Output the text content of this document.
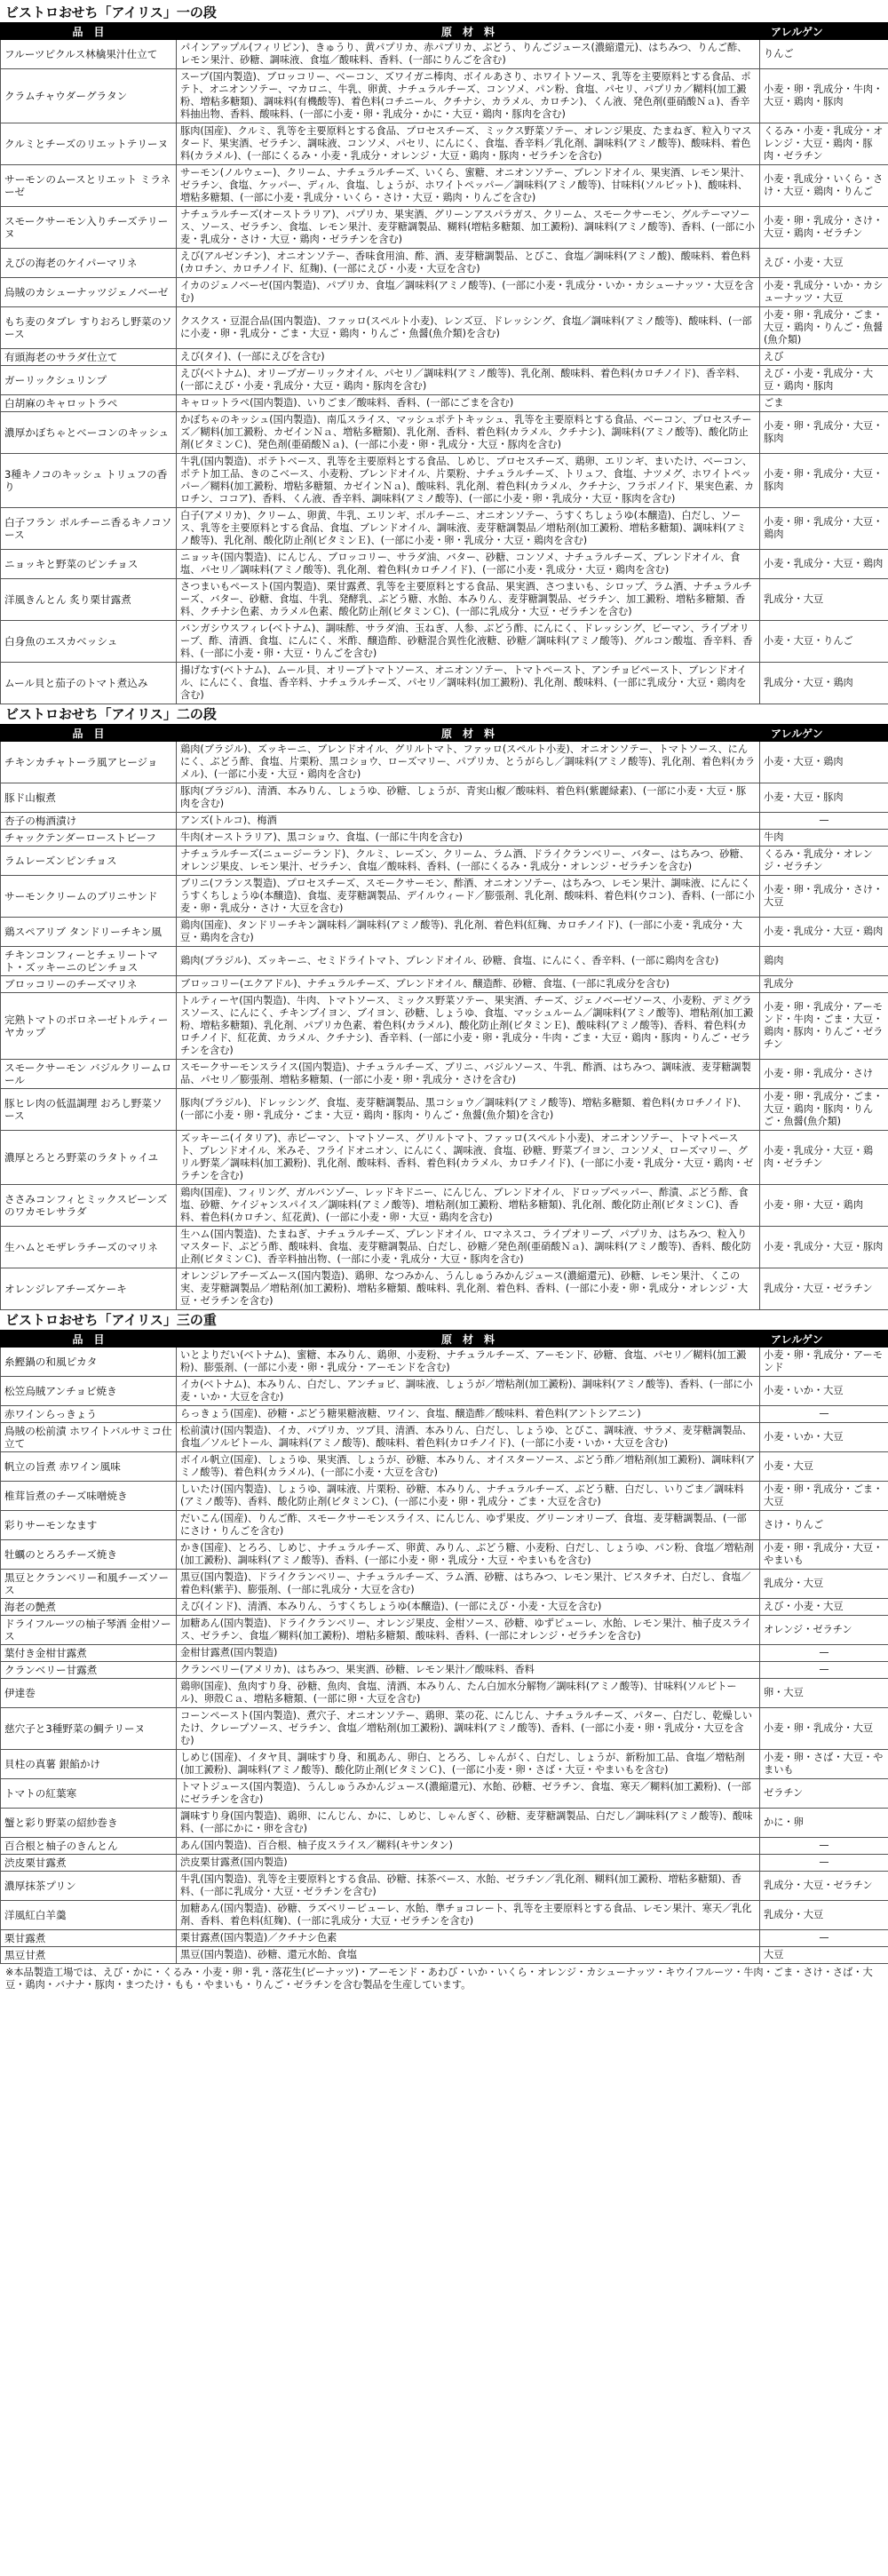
ビストロおせち「アイリス」一の段
品　目	原　材　料	アレルゲン
フルーツピクルス林檎果汁仕立て	パインアップル(フィリピン)、きゅうり、黄パプリカ、赤パプリカ、ぶどう、りんごジュース(濃縮還元)、はちみつ、りんご酢、レモン果汁、砂糖、調味液、食塩／酸味料、香料、(一部にりんごを含む)	りんご
クラムチャウダーグラタン	スープ(国内製造)、ブロッコリー、ベーコン、ズワイガニ棒肉、ボイルあさり、ホワイトソース、乳等を主要原料とする食品、ポテト、オニオンソテー、マカロニ、牛乳、卵黄、ナチュラルチーズ、コンソメ、パン粉、食塩、パセリ、パプリカ／糊料(加工澱粉、増粘多糖類)、調味料(有機酸等)、着色料(コチニール、クチナシ、カラメル、カロチン)、くん液、発色剤(亜硝酸Ｎａ)、香辛料抽出物、香料、酸味料、(一部に小麦・卵・乳成分・かに・大豆・鶏肉・豚肉を含む)	小麦・卵・乳成分・牛肉・大豆・鶏肉・豚肉
クルミとチーズのリエットテリーヌ	豚肉(国産)、クルミ、乳等を主要原料とする食品、プロセスチーズ、ミックス野菜ソテー、オレンジ果皮、たまねぎ、粒入りマスタード、果実酒、ゼラチン、調味液、コンソメ、パセリ、にんにく、食塩、香辛料／乳化剤、調味料(アミノ酸等)、酸味料、着色料(カラメル)、(一部にくるみ・小麦・乳成分・オレンジ・大豆・鶏肉・豚肉・ゼラチンを含む)	くるみ・小麦・乳成分・オレンジ・大豆・鶏肉・豚肉・ゼラチン
サーモンのムースとリエット ミラネーゼ	サーモン(ノルウェー)、クリーム、ナチュラルチーズ、いくら、蜜糖、オニオンソテー、ブレンドオイル、果実酒、レモン果汁、ゼラチン、食塩、ケッパー、ディル、食塩、しょうが、ホワイトペッパー／調味料(アミノ酸等)、甘味料(ソルビット)、酸味料、増粘多糖類、(一部に小麦・乳成分・いくら・さけ・大豆・鶏肉・りんごを含む)	小麦・乳成分・いくら・さけ・大豆・鶏肉・りんご
スモークサーモン入りチーズテリーヌ	ナチュラルチーズ(オーストラリア)、パプリカ、果実酒、グリーンアスパラガス、クリーム、スモークサーモン、グルテーマソース、ソース、ゼラチン、食塩、レモン果汁、麦芽糖調製品、糊料(増粘多糖類、加工澱粉)、調味料(アミノ酸等)、香料、(一部に小麦・乳成分・さけ・大豆・鶏肉・ゼラチンを含む)	小麦・卵・乳成分・さけ・大豆・鶏肉・ゼラチン
えびの海老のケイパーマリネ	えび(アルゼンチン)、オニオンソテー、香味食用油、酢、酒、麦芽糖調製品、とびこ、食塩／調味料(アミノ酸)、酸味料、着色料(カロチン、カロチノイド、紅麹)、(一部にえび・小麦・大豆を含む)	えび・小麦・大豆
烏賊のカシューナッツジェノベーゼ	イカのジェノベーゼ(国内製造)、パプリカ、食塩／調味料(アミノ酸等)、(一部に小麦・乳成分・いか・カシューナッツ・大豆を含む)	小麦・乳成分・いか・カシューナッツ・大豆
もち麦のタブレ すりおろし野菜のソース	クスクス・豆混合品(国内製造)、ファッロ(スペルト小麦)、レンズ豆、ドレッシング、食塩／調味料(アミノ酸等)、酸味料、(一部に小麦・卵・乳成分・ごま・大豆・鶏肉・りんご・魚醤(魚介類)を含む)	小麦・卵・乳成分・ごま・大豆・鶏肉・りんご・魚醤(魚介類)
有頭海老のサラダ仕立て	えび(タイ)、(一部にえびを含む)	えび
ガーリックシュリンプ	えび(ベトナム)、オリーブガーリックオイル、パセリ／調味料(アミノ酸等)、乳化剤、酸味料、着色料(カロチノイド)、香辛料、(一部にえび・小麦・乳成分・大豆・鶏肉・豚肉を含む)	えび・小麦・乳成分・大豆・鶏肉・豚肉
白胡麻のキャロットラペ	キャロットラペ(国内製造)、いりごま／酸味料、香料、(一部にごまを含む)	ごま
濃厚かぼちゃとベーコンのキッシュ	かぼちゃのキッシュ(国内製造)、南瓜スライス、マッシュポテトキッシュ、乳等を主要原料とする食品、ベーコン、プロセスチーズ／糊料(加工澱粉、カゼインＮａ、増粘多糖類)、乳化剤、香料、着色料(カラメル、クチナシ)、調味料(アミノ酸等)、酸化防止剤(ビタミンＣ)、発色剤(亜硝酸Ｎａ)、(一部に小麦・卵・乳成分・大豆・豚肉を含む)	小麦・卵・乳成分・大豆・豚肉
3種キノコのキッシュ トリュフの香り	牛乳(国内製造)、ポテトベース、乳等を主要原料とする食品、しめじ、プロセスチーズ、鶏卵、エリンギ、まいたけ、ベーコン、ポテト加工品、きのこベース、小麦粉、ブレンドオイル、片栗粉、ナチュラルチーズ、トリュフ、食塩、ナツメグ、ホワイトペッパー／糊料(加工澱粉、増粘多糖類、カゼインＮａ)、酸味料、乳化剤、着色料(カラメル、クチナシ、フラボノイド、果実色素、カロチン、ココア)、香料、くん液、香辛料、調味料(アミノ酸等)、(一部に小麦・卵・乳成分・大豆・豚肉を含む)	小麦・卵・乳成分・大豆・豚肉
白子フラン ポルチーニ香るキノコソース	白子(アメリカ)、クリーム、卵黄、牛乳、エリンギ、ポルチーニ、オニオンソテー、うすくちしょうゆ(本醸造)、白だし、ソース、乳等を主要原料とする食品、食塩、ブレンドオイル、調味液、麦芽糖調製品／増粘剤(加工澱粉、増粘多糖類)、調味料(アミノ酸等)、乳化剤、酸化防止剤(ビタミンＥ)、(一部に小麦・卵・乳成分・大豆・鶏肉を含む)	小麦・卵・乳成分・大豆・鶏肉
ニョッキと野菜のピンチョス	ニョッキ(国内製造)、にんじん、ブロッコリー、サラダ油、バター、砂糖、コンソメ、ナチュラルチーズ、ブレンドオイル、食塩、パセリ／調味料(アミノ酸等)、乳化剤、着色料(カロチノイド)、(一部に小麦・乳成分・大豆・鶏肉を含む)	小麦・乳成分・大豆・鶏肉
洋風きんとん 炙り栗甘露煮	さつまいもペースト(国内製造)、栗甘露煮、乳等を主要原料とする食品、果実酒、さつまいも、シロップ、ラム酒、ナチュラルチーズ、バター、砂糖、食塩、牛乳、発酵乳、ぶどう糖、水飴、本みりん、麦芽糖調製品、ゼラチン、加工澱粉、増粘多糖類、香料、クチナシ色素、カラメル色素、酸化防止剤(ビタミンＣ)、(一部に乳成分・大豆・ゼラチンを含む)	乳成分・大豆
白身魚のエスカベッシュ	バンガシウスフィレ(ベトナム)、調味酢、サラダ油、玉ねぎ、人参、ぶどう酢、にんにく、ドレッシング、ピーマン、ライプオリーブ、酢、清酒、食塩、にんにく、米酢、醸造酢、砂糖混合異性化液糖、砂糖／調味料(アミノ酸等)、グルコン酸塩、香辛料、香料、(一部に小麦・卵・大豆・りんごを含む)	小麦・大豆・りんご
ムール貝と茄子のトマト煮込み	揚げなす(ベトナム)、ムール貝、オリーブトマトソース、オニオンソテー、トマトペースト、アンチョビペースト、ブレンドオイル、にんにく、食塩、香辛料、ナチュラルチーズ、パセリ／調味料(加工澱粉)、乳化剤、酸味料、(一部に乳成分・大豆・鶏肉を含む)	乳成分・大豆・鶏肉
ビストロおせち「アイリス」二の段
品　目	原　材　料	アレルゲン
チキンカチャトーラ風アヒージョ	鶏肉(ブラジル)、ズッキーニ、ブレンドオイル、グリルトマト、ファッロ(スペルト小麦)、オニオンソテー、トマトソース、にんにく、ぶどう酢、食塩、片栗粉、黒コショウ、ローズマリー、パプリカ、とうがらし／調味料(アミノ酸等)、乳化剤、着色料(カラメル)、(一部に小麦・大豆・鶏肉を含む)	小麦・大豆・鶏肉
豚ド山椒煮	豚肉(ブラジル)、清酒、本みりん、しょうゆ、砂糖、しょうが、青実山椒／酸味料、着色料(紫麗緑素)、(一部に小麦・大豆・豚肉を含む)	小麦・大豆・豚肉
杏子の梅酒漬け	アンズ(トルコ)、梅酒	—
チャックテンダーローストビーフ	牛肉(オーストラリア)、黒コショウ、食塩、(一部に牛肉を含む)	牛肉
ラムレーズンピンチョス	ナチュラルチーズ(ニュージーランド)、クルミ、レーズン、クリーム、ラム酒、ドライクランベリー、バター、はちみつ、砂糖、オレンジ果皮、レモン果汁、ゼラチン、食塩／酸味料、香料、(一部にくるみ・乳成分・オレンジ・ゼラチンを含む)	くるみ・乳成分・オレンジ・ゼラチン
サーモンクリームのブリニサンド	ブリニ(フランス製造)、プロセスチーズ、スモークサーモン、酢酒、オニオンソテー、はちみつ、レモン果汁、調味液、にんにくうすくちしょうゆ(本醸造)、食塩、麦芽糖調製品、デイルウィード／膨張剤、乳化剤、酸味料、着色料(ウコン)、香料、(一部に小麦・卵・乳成分・さけ・大豆を含む)	小麦・卵・乳成分・さけ・大豆
鶏スペアリブ タンドリーチキン風	鶏肉(国産)、タンドリーチキン調味料／調味料(アミノ酸等)、乳化剤、着色料(紅麹、カロチノイド)、(一部に小麦・乳成分・大豆・鶏肉を含む)	小麦・乳成分・大豆・鶏肉
チキンコンフィーとチェリートマト・ズッキーニのピンチョス	鶏肉(ブラジル)、ズッキーニ、セミドライトマト、ブレンドオイル、砂糖、食塩、にんにく、香辛料、(一部に鶏肉を含む)	鶏肉
ブロッコリーのチーズマリネ	ブロッコリー(エクアドル)、ナチュラルチーズ、ブレンドオイル、醸造酢、砂糖、食塩、(一部に乳成分を含む)	乳成分
完熟トマトのボロネーゼトルティーヤカップ	トルティーヤ(国内製造)、牛肉、トマトソース、ミックス野菜ソテー、果実酒、チーズ、ジェノベーゼソース、小麦粉、デミグラスソース、にんにく、チキンブイヨン、ブイヨン、砂糖、しょうゆ、食塩、マッシュルーム／調味料(アミノ酸等)、増粘剤(加工澱粉、増粘多糖類)、乳化剤、パプリカ色素、着色料(カラメル)、酸化防止剤(ビタミンＥ)、酸味料(アミノ酸等)、香料、着色料(カロチノイド、紅花黄、カラメル、クチナシ)、香辛料、(一部に小麦・卵・乳成分・牛肉・ごま・大豆・鶏肉・豚肉・りんご・ゼラチンを含む)	小麦・卵・乳成分・アーモンド・牛肉・ごま・大豆・鶏肉・豚肉・りんご・ゼラチン
スモークサーモン バジルクリームロール	スモークサーモンスライス(国内製造)、ナチュラルチーズ、ブリニ、バジルソース、牛乳、酢酒、はちみつ、調味液、麦芽糖調製品、パセリ／膨張剤、増粘多糖類、(一部に小麦・卵・乳成分・さけを含む)	小麦・卵・乳成分・さけ
豚ヒレ肉の低温調理 おろし野菜ソース	豚肉(ブラジル)、ドレッシング、食塩、麦芽糖調製品、黒コショウ／調味料(アミノ酸等)、増粘多糖類、着色料(カロチノイド)、(一部に小麦・卵・乳成分・ごま・大豆・鶏肉・豚肉・りんご・魚醤(魚介類)を含む)	小麦・卵・乳成分・ごま・大豆・鶏肉・豚肉・りんご・魚醤(魚介類)
濃厚とろとろ野菜のラタトゥイユ	ズッキーニ(イタリア)、赤ピーマン、トマトソース、グリルトマト、ファッロ(スペルト小麦)、オニオンソテー、トマトペースト、ブレンドオイル、米みそ、フライドオニオン、にんにく、調味液、食塩、砂糖、野菜ブイヨン、コンソメ、ローズマリー、グリル野菜／調味料(加工澱粉)、乳化剤、酸味料、香料、着色料(カラメル、カロチノイド)、(一部に小麦・乳成分・大豆・鶏肉・ゼラチンを含む)	小麦・乳成分・大豆・鶏肉・ゼラチン
ささみコンフィとミックスビーンズのワカモレサラダ	鶏肉(国産)、フィリング、ガルバンゾー、レッドキドニー、にんじん、ブレンドオイル、ドロップペッパー、酢漬、ぶどう酢、食塩、砂糖、ケイジャンスパイス／調味料(アミノ酸等)、増粘剤(加工澱粉、増粘多糖類)、乳化剤、酸化防止剤(ビタミンＣ)、香料、着色料(カロチン、紅花黄)、(一部に小麦・卵・大豆・鶏肉を含む)	小麦・卵・大豆・鶏肉
生ハムとモザレラチーズのマリネ	生ハム(国内製造)、たまねぎ、ナチュラルチーズ、ブレンドオイル、ロマネスコ、ライプオリーブ、パプリカ、はちみつ、粒入りマスタード、ぶどう酢、酸味料、食塩、麦芽糖調製品、白だし、砂糖／発色剤(亜硝酸Ｎａ)、調味料(アミノ酸等)、香料、酸化防止剤(ビタミンＣ)、香辛料抽出物、(一部に小麦・乳成分・大豆・豚肉を含む)	小麦・乳成分・大豆・豚肉
オレンジレアチーズケーキ	オレンジレアチーズムース(国内製造)、鶏卵、なつみかん、うんしゅうみかんジュース(濃縮還元)、砂糖、レモン果汁、くこの実、麦芽糖調製品／増粘剤(加工澱粉)、増粘多糖類、酸味料、乳化剤、着色料、香料、(一部に小麦・卵・乳成分・オレンジ・大豆・ゼラチンを含む)	乳成分・大豆・ゼラチン
ビストロおせち「アイリス」三の重
品　目	原　材　料	アレルゲン
糸鰹鍋の和風ピカタ	いとよりだい(ベトナム)、蜜糖、本みりん、鶏卵、小麦粉、ナチュラルチーズ、アーモンド、砂糖、食塩、パセリ／糊料(加工澱粉)、膨張剤、(一部に小麦・卵・乳成分・アーモンドを含む)	小麦・卵・乳成分・アーモンド
松笠烏賊アンチョビ焼き	イカ(ベトナム)、本みりん、白だし、アンチョビ、調味液、しょうが／増粘剤(加工澱粉)、調味料(アミノ酸等)、香料、(一部に小麦・いか・大豆を含む)	小麦・いか・大豆
赤ワインらっきょう	らっきょう(国産)、砂糖・ぶどう糖果糖液糖、ワイン、食塩、醸造酢／酸味料、着色料(アントシアニン)	—
鳥賊の松前漬 ホワイトバルサミコ仕立て	松前漬け(国内製造)、イカ、パプリカ、ツブ貝、清酒、本みりん、白だし、しょうゆ、とびこ、調味液、サラメ、麦芽糖調製品、食塩／ソルビトール、調味料(アミノ酸等)、酸味料、着色料(カロチノイド)、(一部に小麦・いか・大豆を含む)	小麦・いか・大豆
帆立の旨煮 赤ワイン風味	ボイル帆立(国産)、しょうゆ、果実酒、しょうが、砂糖、本みりん、オイスターソース、ぶどう酢／増粘剤(加工澱粉)、調味料(アミノ酸等)、着色料(カラメル)、(一部に小麦・大豆を含む)	小麦・大豆
椎茸旨煮のチーズ味噌焼き	しいたけ(国内製造)、しょうゆ、調味液、片栗粉、砂糖、本みりん、ナチュラルチーズ、ぶどう糖、白だし、いりごま／調味料(アミノ酸等)、香料、酸化防止剤(ビタミンＣ)、(一部に小麦・卵・乳成分・ごま・大豆を含む)	小麦・卵・乳成分・ごま・大豆
彩りサーモンなます	だいこん(国産)、りんご酢、スモークサーモンスライス、にんじん、ゆず果皮、グリーンオリーブ、食塩、麦芽糖調製品、(一部にさけ・りんごを含む)	さけ・りんご
牡蠣のとろろチーズ焼き	かき(国産)、とろろ、しめじ、ナチュラルチーズ、卵黄、みりん、ぶどう糖、小麦粉、白だし、しょうゆ、パン粉、食塩／増粘剤(加工澱粉)、調味料(アミノ酸等)、香料、(一部に小麦・卵・乳成分・大豆・やまいもを含む)	小麦・卵・乳成分・大豆・やまいも
黒豆とクランベリー和風チーズソース	黒豆(国内製造)、ドライクランベリー、ナチュラルチーズ、ラム酒、砂糖、はちみつ、レモン果汁、ピスタチオ、白だし、食塩／着色料(紫芋)、膨張剤、(一部に乳成分・大豆を含む)	乳成分・大豆
海老の艶煮	えび(インド)、清酒、本みりん、うすくちしょうゆ(本醸造)、(一部にえび・小麦・大豆を含む)	えび・小麦・大豆
ドライフルーツの柚子琴酒 金柑ソース	加糖あん(国内製造)、ドライクランベリー、オレンジ果皮、金柑ソース、砂糖、ゆずピューレ、水飴、レモン果汁、柚子皮スライス、ゼラチン、食塩／糊料(加工澱粉)、増粘多糖類、酸味料、香料、(一部にオレンジ・ゼラチンを含む)	オレンジ・ゼラチン
葉付き金柑甘露煮	金柑甘露煮(国内製造)	—
クランベリー甘露煮	クランベリー(アメリカ)、はちみつ、果実酒、砂糖、レモン果汁／酸味料、香料	—
伊達巻	鶏卵(国産)、魚肉すり身、砂糖、魚肉、食塩、清酒、本みりん、たん白加水分解物／調味料(アミノ酸等)、甘味料(ソルビトール)、卵殻Ｃａ、増粘多糖類、(一部に卵・大豆を含む)	卵・大豆
慈穴子と3種野菜の鯛テリーヌ	コーンペースト(国内製造)、煮穴子、オニオンソテー、鶏卵、菜の花、にんじん、ナチュラルチーズ、パター、白だし、乾燥しいたけ、クレープソース、ゼラチン、食塩／増粘剤(加工澱粉)、調味料(アミノ酸等)、香料、(一部に小麦・卵・乳成分・大豆を含む)	小麦・卵・乳成分・大豆
貝柱の真薯 銀餡かけ	しめじ(国産)、イタヤ貝、調味すり身、和風あん、卵白、とろろ、しゃんがく、白だし、しょうが、新粉加工品、食塩／増粘剤(加工澱粉)、調味料(アミノ酸等)、酸化防止剤(ビタミンＣ)、(一部に小麦・卵・さば・大豆・やまいもを含む)	小麦・卵・さば・大豆・やまいも
トマトの紅葉寒	トマトジュース(国内製造)、うんしゅうみかんジュース(濃縮還元)、水飴、砂糖、ゼラチン、食塩、寒天／糊料(加工澱粉)、(一部にゼラチンを含む)	ゼラチン
蟹と彩り野菜の紹紗巻き	調味すり身(国内製造)、鶏卵、にんじん、かに、しめじ、しゃんぎく、砂糖、麦芽糖調製品、白だし／調味料(アミノ酸等)、酸味料、(一部にかに・卵を含む)	かに・卵
百合根と柚子のきんとん	あん(国内製造)、百合根、柚子皮スライス／糊料(キサンタン)	—
渋皮栗甘露煮	渋皮栗甘露煮(国内製造)	—
濃厚抹茶プリン	牛乳(国内製造)、乳等を主要原料とする食品、砂糖、抹茶ベース、水飴、ゼラチン／乳化剤、糊料(加工澱粉、増粘多糖類)、香料、(一部に乳成分・大豆・ゼラチンを含む)	乳成分・大豆・ゼラチン
洋風紅白羊羹	加糖あん(国内製造)、砂糖、ラズベリーピューレ、水飴、準チョコレート、乳等を主要原料とする食品、レモン果汁、寒天／乳化剤、香料、着色料(紅麹)、(一部に乳成分・大豆・ゼラチンを含む)	乳成分・大豆
栗甘露煮	栗甘露煮(国内製造)／クチナシ色素	—
黒豆甘煮	黒豆(国内製造)、砂糖、還元水飴、食塩	大豆
※本品製造工場では、えび・かに・くるみ・小麦・卵・乳・落花生(ピーナッツ)・アーモンド・あわび・いか・いくら・オレンジ・カシューナッツ・キウイフルーツ・牛肉・ごま・さけ・さば・大豆・鶏肉・バナナ・豚肉・まつたけ・もも・やまいも・りんご・ゼラチンを含む製品を生産しています。
